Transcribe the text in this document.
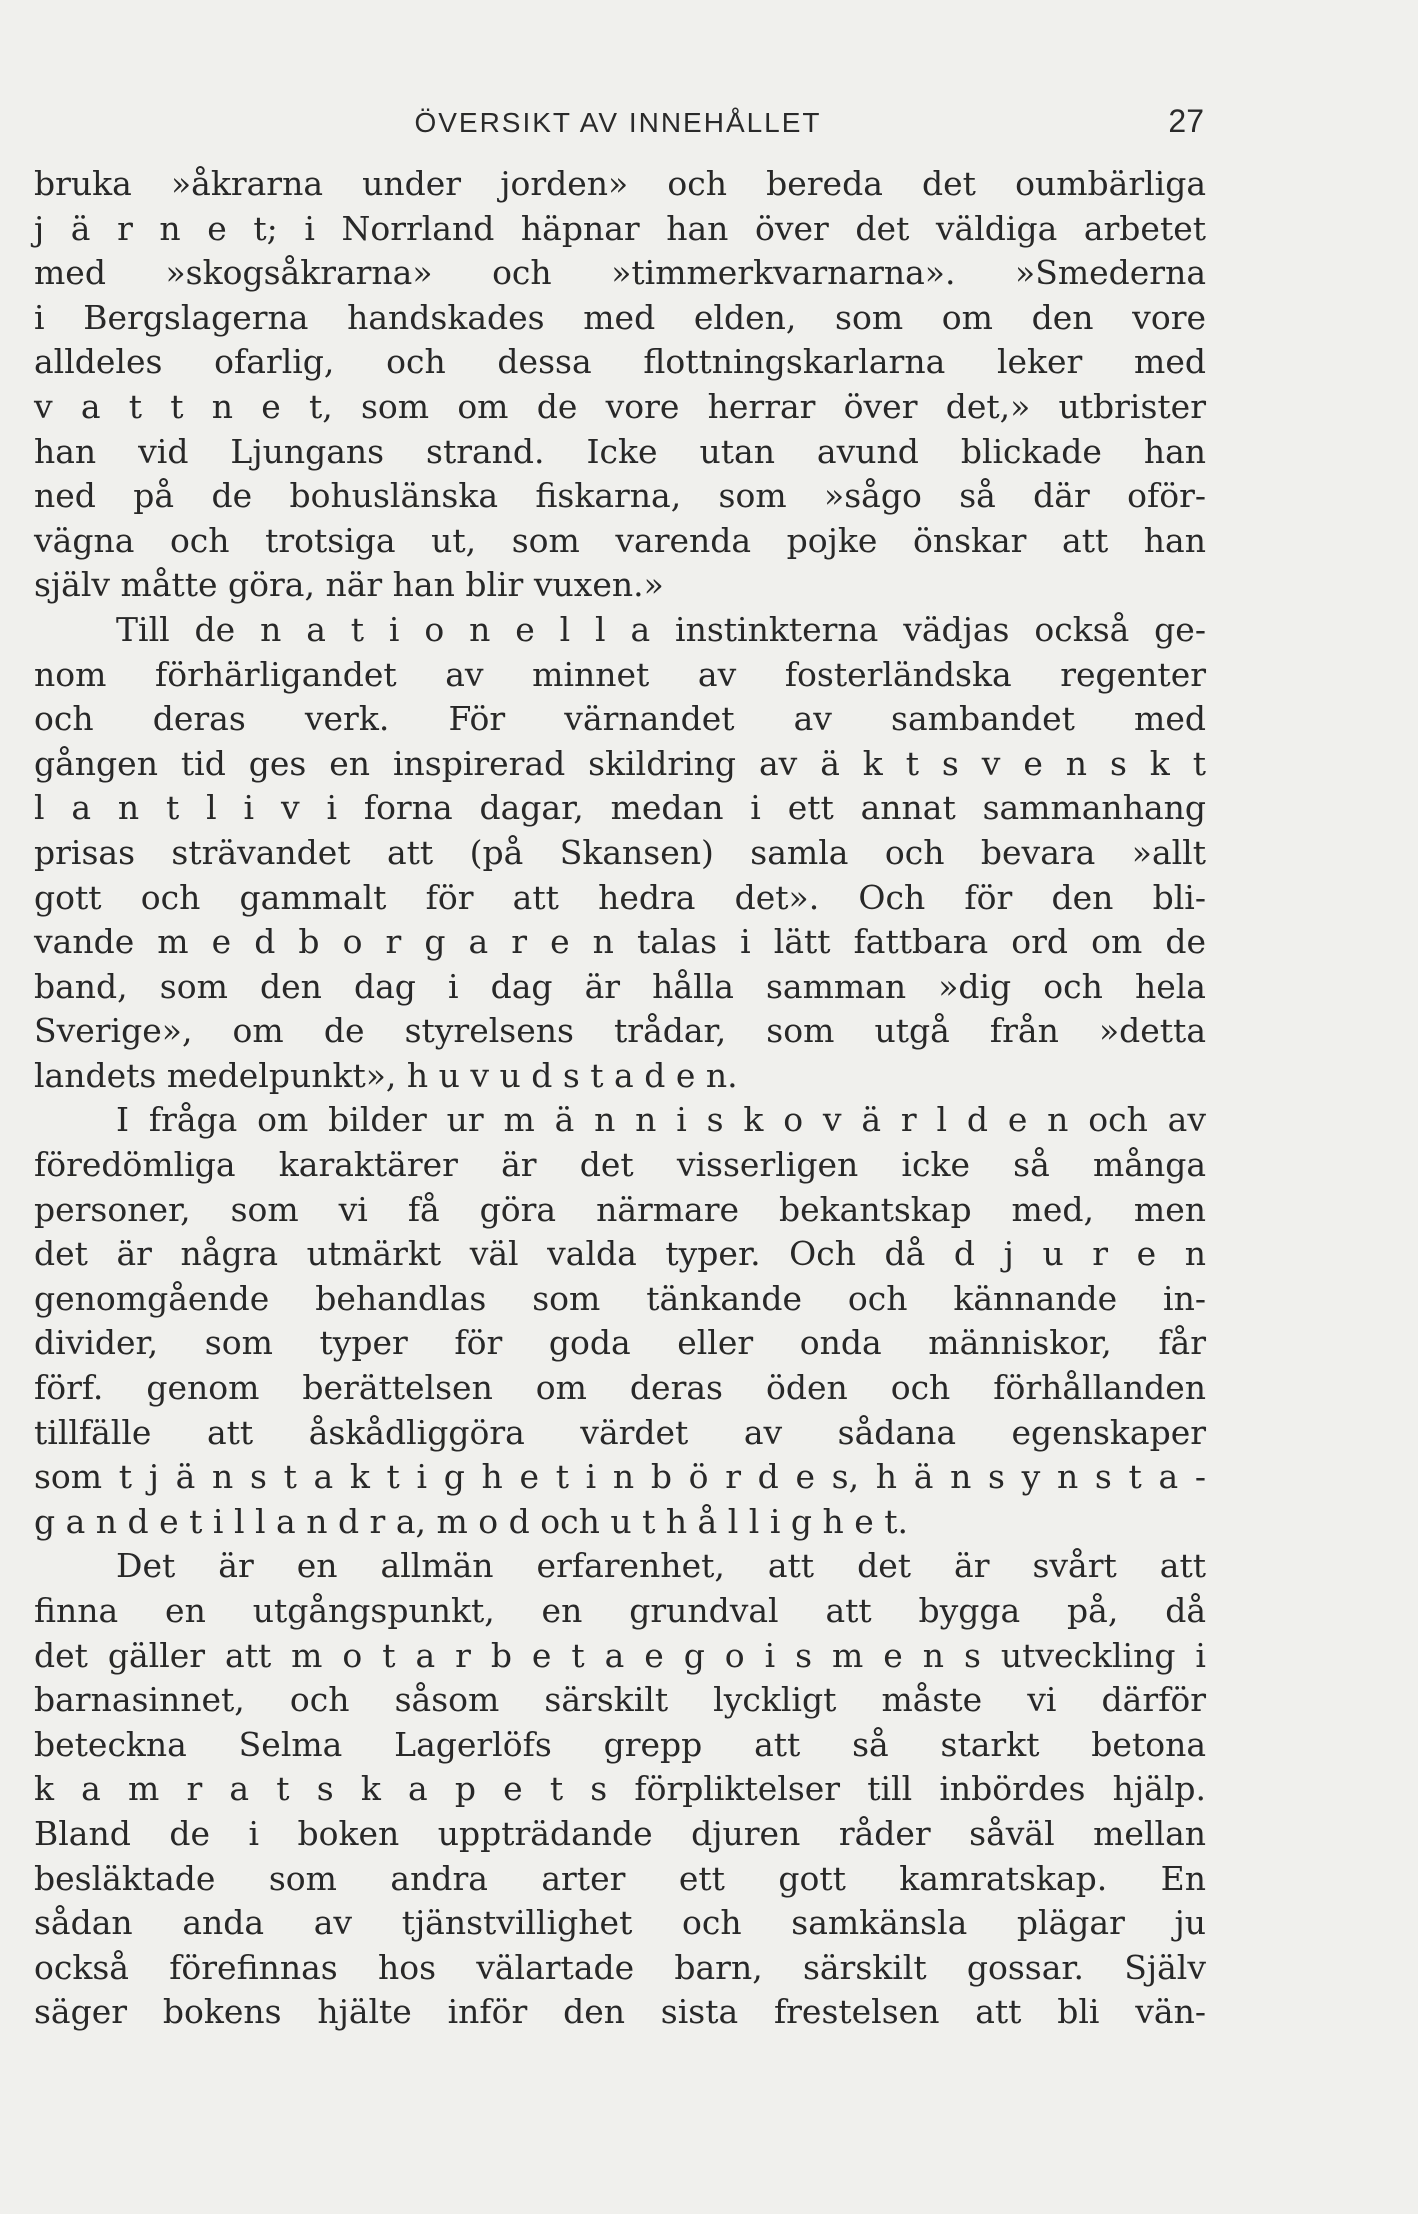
ÖVERSIKT AV INNEHÅLLET	27
bruka »åkrarna under jorden» och bereda det oumbärliga
j ä r n e t; i Norrland häpnar han över det väldiga arbetet
med »skogsåkrarna» och »timmerkvarnarna». »Smederna
i Bergslagerna handskades med elden, som om den vore
alldeles ofarlig, och dessa flottningskarlarna leker med
v a t t n e t, som om de vore herrar över det,» utbrister
han vid Ljungans strand. Icke utan avund blickade han
ned på de bohuslänska fiskarna, som »sågo så där oför-
vägna och trotsiga ut, som varenda pojke önskar att han
själv måtte göra, när han blir vuxen.»
Till de n a t i o n e l l a instinkterna vädjas också ge-
nom förhärligandet av minnet av fosterländska regenter
och deras verk. För värnandet av sambandet med
gången tid ges en inspirerad skildring av ä k t s v e n s k t
l a n t l i v i forna dagar, medan i ett annat sammanhang
prisas strävandet att (på Skansen) samla och bevara »allt
gott och gammalt för att hedra det». Och för den bli-
vande m e d b o r g a r e n talas i lätt fattbara ord om de
band, som den dag i dag är hålla samman »dig och hela
Sverige», om de styrelsens trådar, som utgå från »detta
landets medelpunkt», h u v u d s t a d e n.
I fråga om bilder ur m ä n n i s k o v ä r l d e n och av
föredömliga karaktärer är det visserligen icke så många
personer, som vi få göra närmare bekantskap med, men
det är några utmärkt väl valda typer. Och då d j u r e n
genomgående behandlas som tänkande och kännande in-
divider, som typer för goda eller onda människor, får
förf. genom berättelsen om deras öden och förhållanden
tillfälle att åskådliggöra värdet av sådana egenskaper
som t j ä n s t a k t i g h e t i n b ö r d e s, h ä n s y n s t a -
g a n d e t i l l a n d r a, m o d och u t h å l l i g h e t.
Det är en allmän erfarenhet, att det är svårt att
finna en utgångspunkt, en grundval att bygga på, då
det gäller att m o t a r b e t a e g o i s m e n s utveckling i
barnasinnet, och såsom särskilt lyckligt måste vi därför
beteckna Selma Lagerlöfs grepp att så starkt betona
k a m r a t s k a p e t s förpliktelser till inbördes hjälp.
Bland de i boken uppträdande djuren råder såväl mellan
besläktade som andra arter ett gott kamratskap. En
sådan anda av tjänstvillighet och samkänsla plägar ju
också förefinnas hos välartade barn, särskilt gossar. Själv
säger bokens hjälte inför den sista frestelsen att bli vän-
